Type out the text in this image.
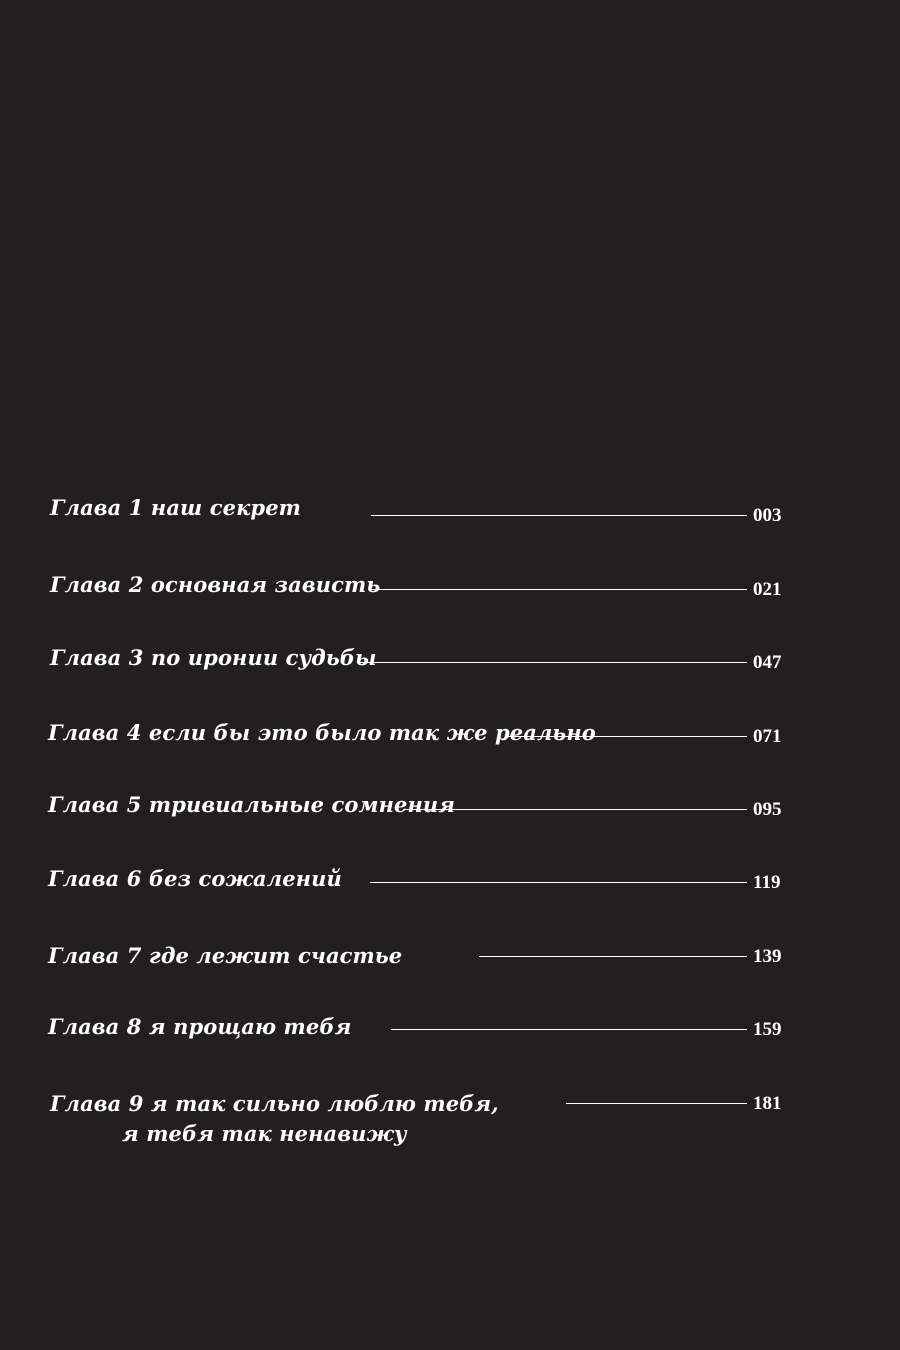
Глава 1 наш секрет	003
Глава 2 основная зависть	021
Глава 3 по иронии судьбы	047
Глава 4 если бы это было так же реально	071
Глава 5 тривиальные сомнения	095
Глава 6 без сожалений	119
Глава 7 где лежит счастье	139
Глава 8 я прощаю тебя	159
Глава 9 я так сильно люблю тебя,
я тебя так ненавижу
181
